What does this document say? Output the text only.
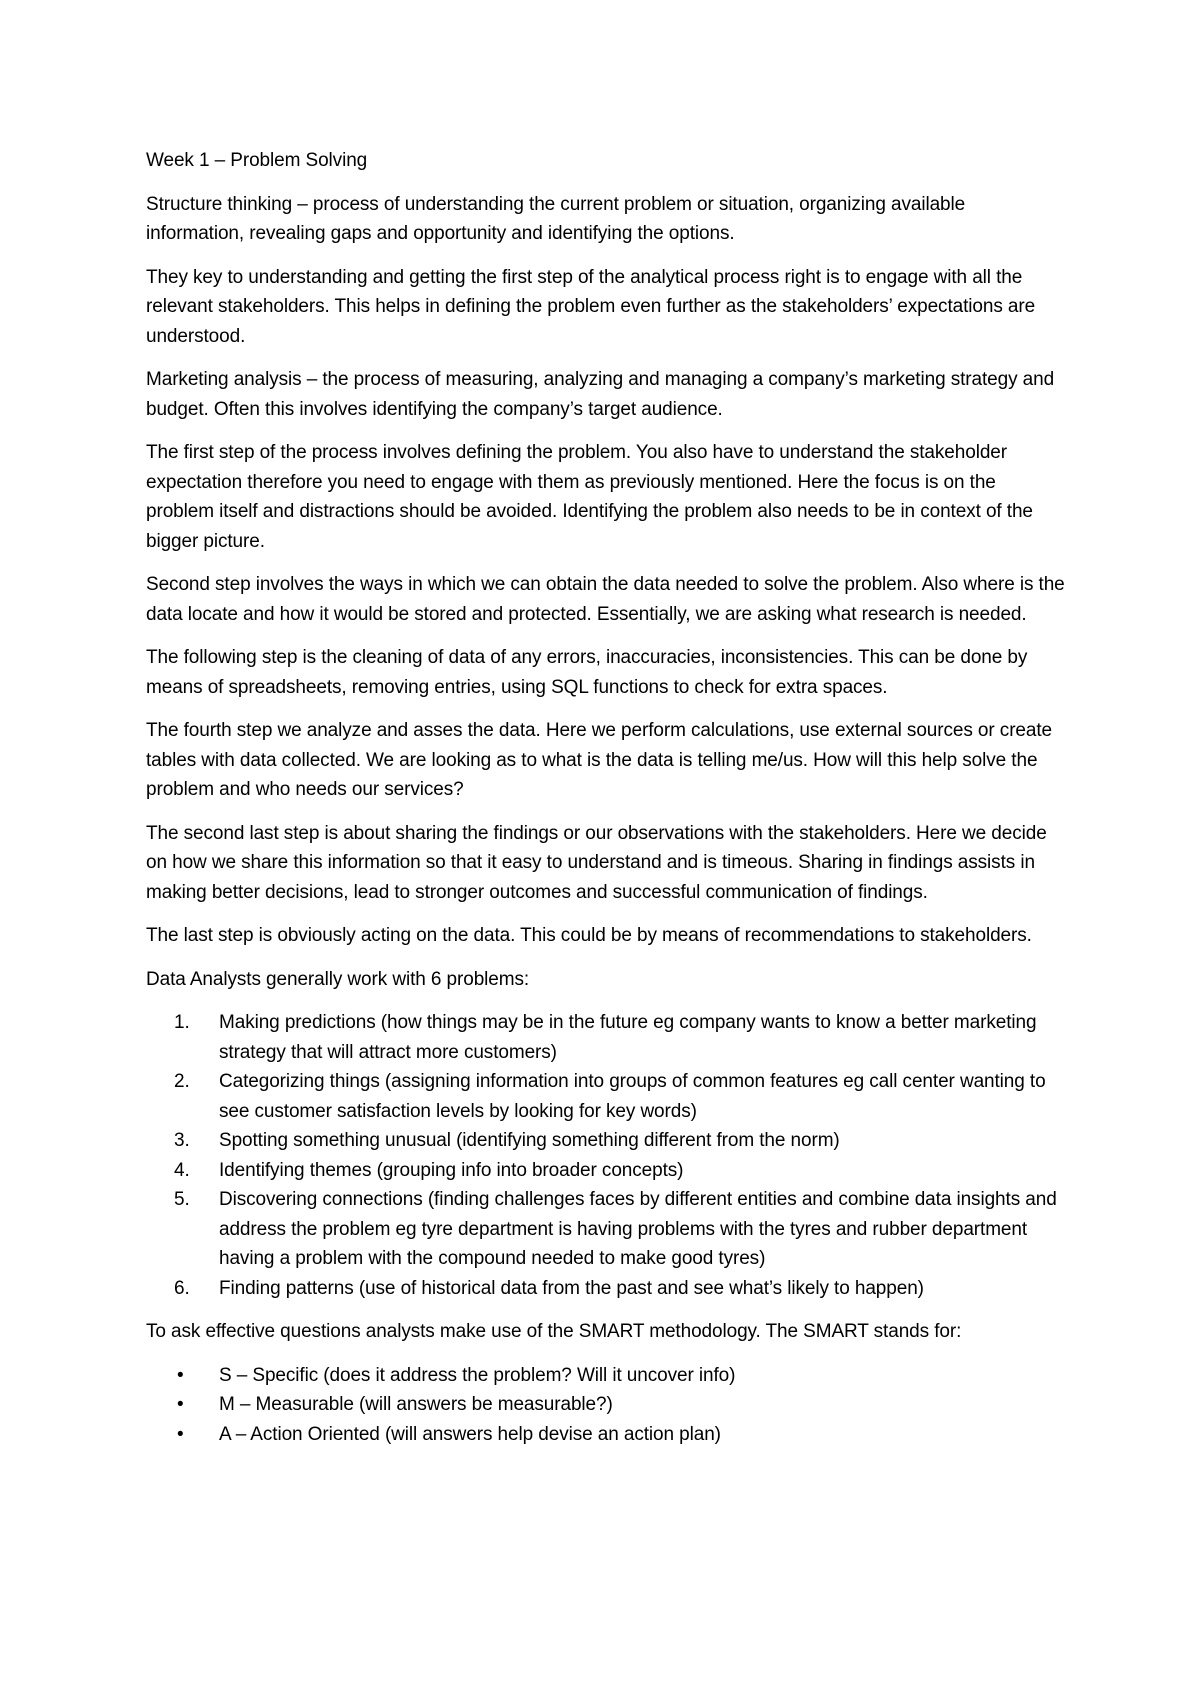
Week 1 – Problem Solving

Structure thinking – process of understanding the current problem or situation, organizing available information, revealing gaps and opportunity and identifying the options.

They key to understanding and getting the first step of the analytical process right is to engage with all the relevant stakeholders. This helps in defining the problem even further as the stakeholders’ expectations are understood.

Marketing analysis – the process of measuring, analyzing and managing a company’s marketing strategy and budget. Often this involves identifying the company’s target audience.

The first step of the process involves defining the problem. You also have to understand the stakeholder expectation therefore you need to engage with them as previously mentioned. Here the focus is on the problem itself and distractions should be avoided. Identifying the problem also needs to be in context of the bigger picture.

Second step involves the ways in which we can obtain the data needed to solve the problem. Also where is the data locate and how it would be stored and protected. Essentially, we are asking what research is needed.

The following step is the cleaning of data of any errors, inaccuracies, inconsistencies. This can be done by means of spreadsheets, removing entries, using SQL functions to check for extra spaces.

The fourth step we analyze and asses the data. Here we perform calculations, use external sources or create tables with data collected. We are looking as to what is the data is telling me/us. How will this help solve the problem and who needs our services?

The second last step is about sharing the findings or our observations with the stakeholders. Here we decide on how we share this information so that it easy to understand and is timeous. Sharing in findings assists in making better decisions, lead to stronger outcomes and successful communication of findings.

The last step is obviously acting on the data. This could be by means of recommendations to stakeholders.

Data Analysts generally work with 6 problems:

1. Making predictions (how things may be in the future eg company wants to know a better marketing strategy that will attract more customers)
2. Categorizing things (assigning information into groups of common features eg call center wanting to see customer satisfaction levels by looking for key words)
3. Spotting something unusual (identifying something different from the norm)
4. Identifying themes (grouping info into broader concepts)
5. Discovering connections (finding challenges faces by different entities and combine data insights and address the problem eg tyre department is having problems with the tyres and rubber department having a problem with the compound needed to make good tyres)
6. Finding patterns (use of historical data from the past and see what’s likely to happen)

To ask effective questions analysts make use of the SMART methodology. The SMART stands for:

• S – Specific (does it address the problem? Will it uncover info)
• M – Measurable (will answers be measurable?)
• A – Action Oriented (will answers help devise an action plan)
